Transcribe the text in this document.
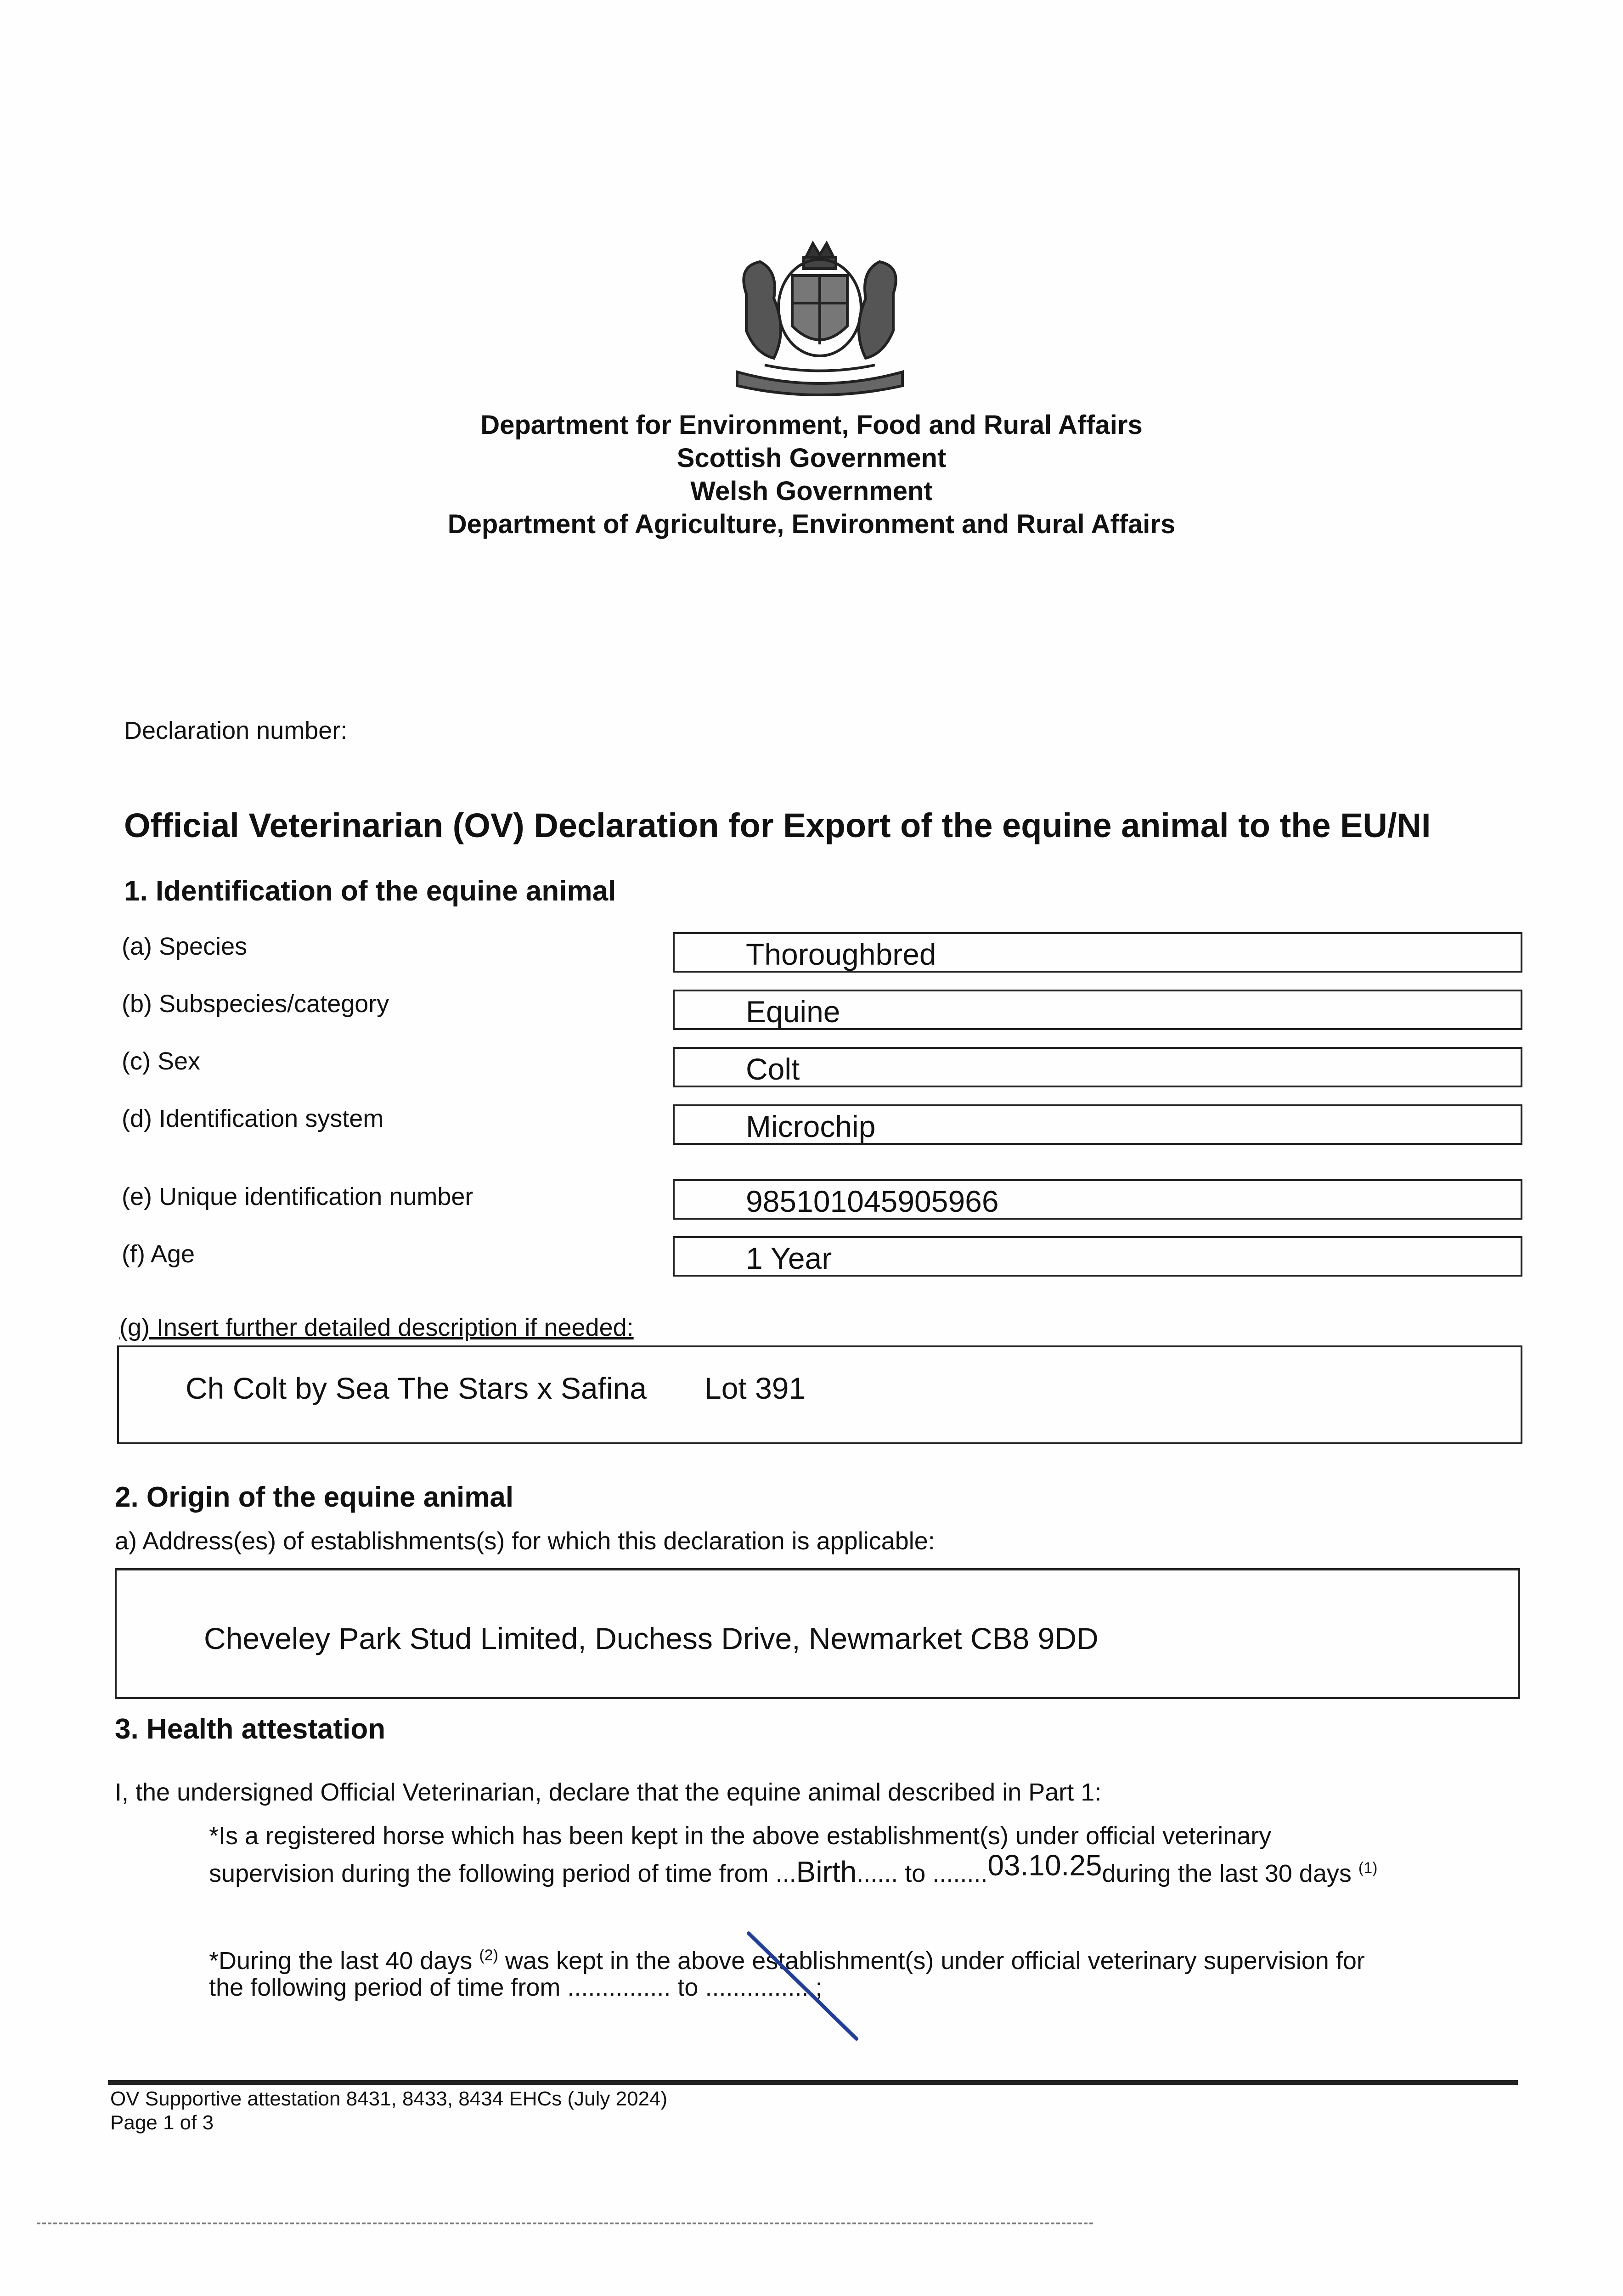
Department for Environment, Food and Rural Affairs
Scottish Government
Welsh Government
Department of Agriculture, Environment and Rural Affairs
Declaration number:
Official Veterinarian (OV) Declaration for Export of the equine animal to the EU/NI
1. Identification of the equine animal
(a) Species	Thoroughbred
(b) Subspecies/category	Equine
(c) Sex	Colt
(d) Identification system	Microchip
(e) Unique identification number	985101045905966
(f) Age	1 Year
(g) Insert further detailed description if needed:
Ch Colt by Sea The Stars x Safina Lot 391
2. Origin of the equine animal
a) Address(es) of establishments(s) for which this declaration is applicable:
Cheveley Park Stud Limited, Duchess Drive, Newmarket CB8 9DD
3. Health attestation
I, the undersigned Official Veterinarian, declare that the equine animal described in Part 1:
*Is a registered horse which has been kept in the above establishment(s) under official veterinary
supervision during the following period of time from ...Birth...... to ........03.10.25during the last 30 days $^{(1)}$
*During the last 40 days $^{(2)}$ was kept in the above establishment(s) under official veterinary supervision for
the following period of time from ............... to ................;
OV Supportive attestation 8431, 8433, 8434 EHCs (July 2024)
Page 1 of 3
